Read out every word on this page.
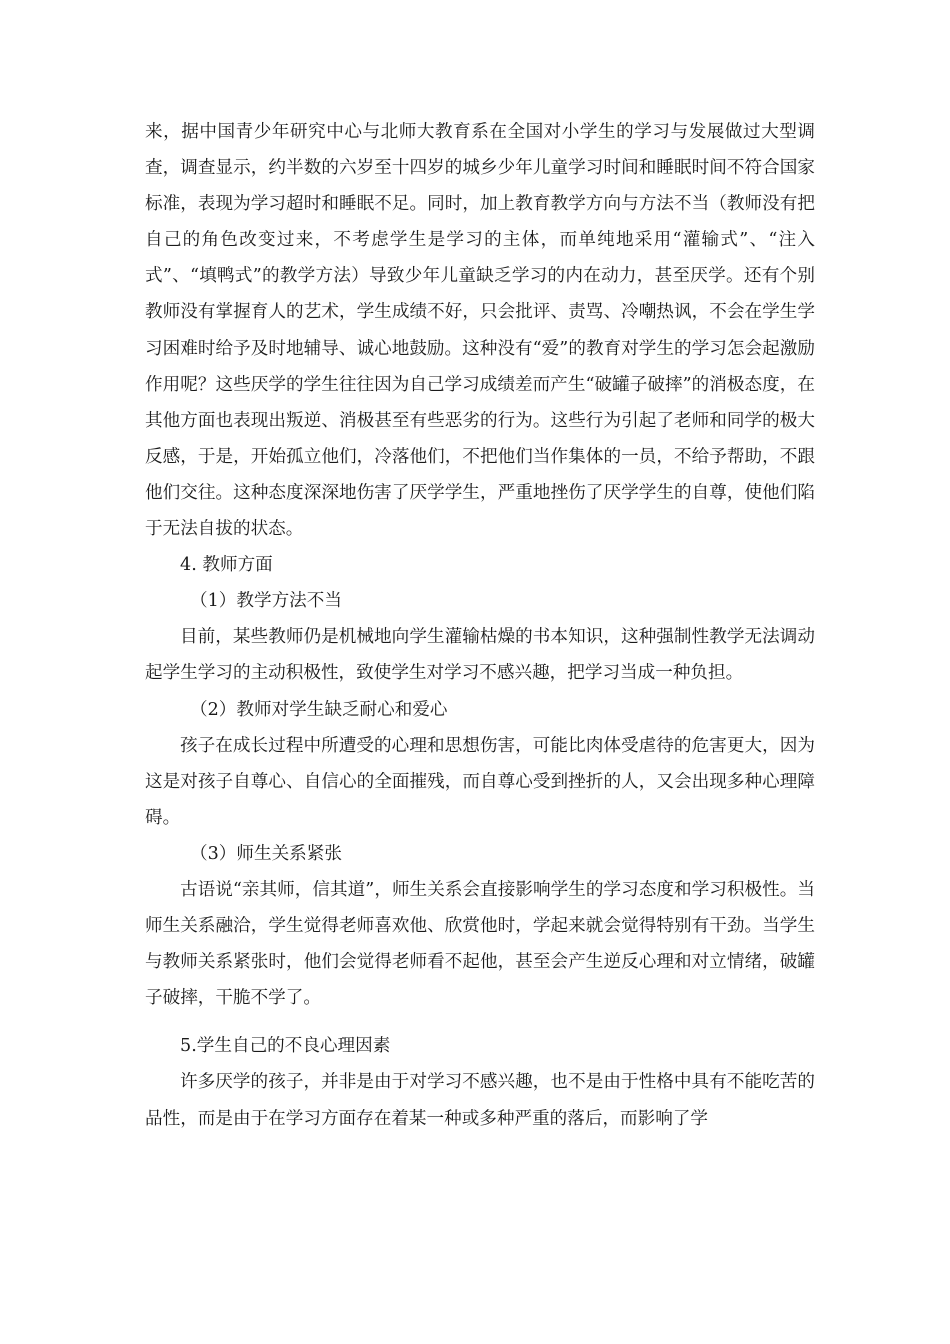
来，据中国青少年研究中心与北师大教育系在全国对小学生的学习与发展做过大型调查，调查显示，约半数的六岁至十四岁的城乡少年儿童学习时间和睡眠时间不符合国家标准，表现为学习超时和睡眠不足。同时，加上教育教学方向与方法不当（教师没有把自己的角色改变过来，不考虑学生是学习的主体，而单纯地采用“灌输式”、“注入式”、“填鸭式”的教学方法）导致少年儿童缺乏学习的内在动力，甚至厌学。还有个别教师没有掌握育人的艺术，学生成绩不好，只会批评、责骂、冷嘲热讽，不会在学生学习困难时给予及时地辅导、诚心地鼓励。这种没有“爱”的教育对学生的学习怎会起激励作用呢？这些厌学的学生往往因为自己学习成绩差而产生“破罐子破摔”的消极态度，在其他方面也表现出叛逆、消极甚至有些恶劣的行为。这些行为引起了老师和同学的极大反感，于是，开始孤立他们，冷落他们，不把他们当作集体的一员，不给予帮助，不跟他们交往。这种态度深深地伤害了厌学学生，严重地挫伤了厌学学生的自尊，使他们陷于无法自拔的状态。

4. 教师方面

（1）教学方法不当

目前，某些教师仍是机械地向学生灌输枯燥的书本知识，这种强制性教学无法调动起学生学习的主动积极性，致使学生对学习不感兴趣，把学习当成一种负担。

（2）教师对学生缺乏耐心和爱心

孩子在成长过程中所遭受的心理和思想伤害，可能比肉体受虐待的危害更大，因为这是对孩子自尊心、自信心的全面摧残，而自尊心受到挫折的人，又会出现多种心理障碍。

（3）师生关系紧张

古语说“亲其师，信其道”，师生关系会直接影响学生的学习态度和学习积极性。当师生关系融洽，学生觉得老师喜欢他、欣赏他时，学起来就会觉得特别有干劲。当学生与教师关系紧张时，他们会觉得老师看不起他，甚至会产生逆反心理和对立情绪，破罐子破摔，干脆不学了。

5.学生自己的不良心理因素

许多厌学的孩子，并非是由于对学习不感兴趣，也不是由于性格中具有不能吃苦的品性，而是由于在学习方面存在着某一种或多种严重的落后，而影响了学
